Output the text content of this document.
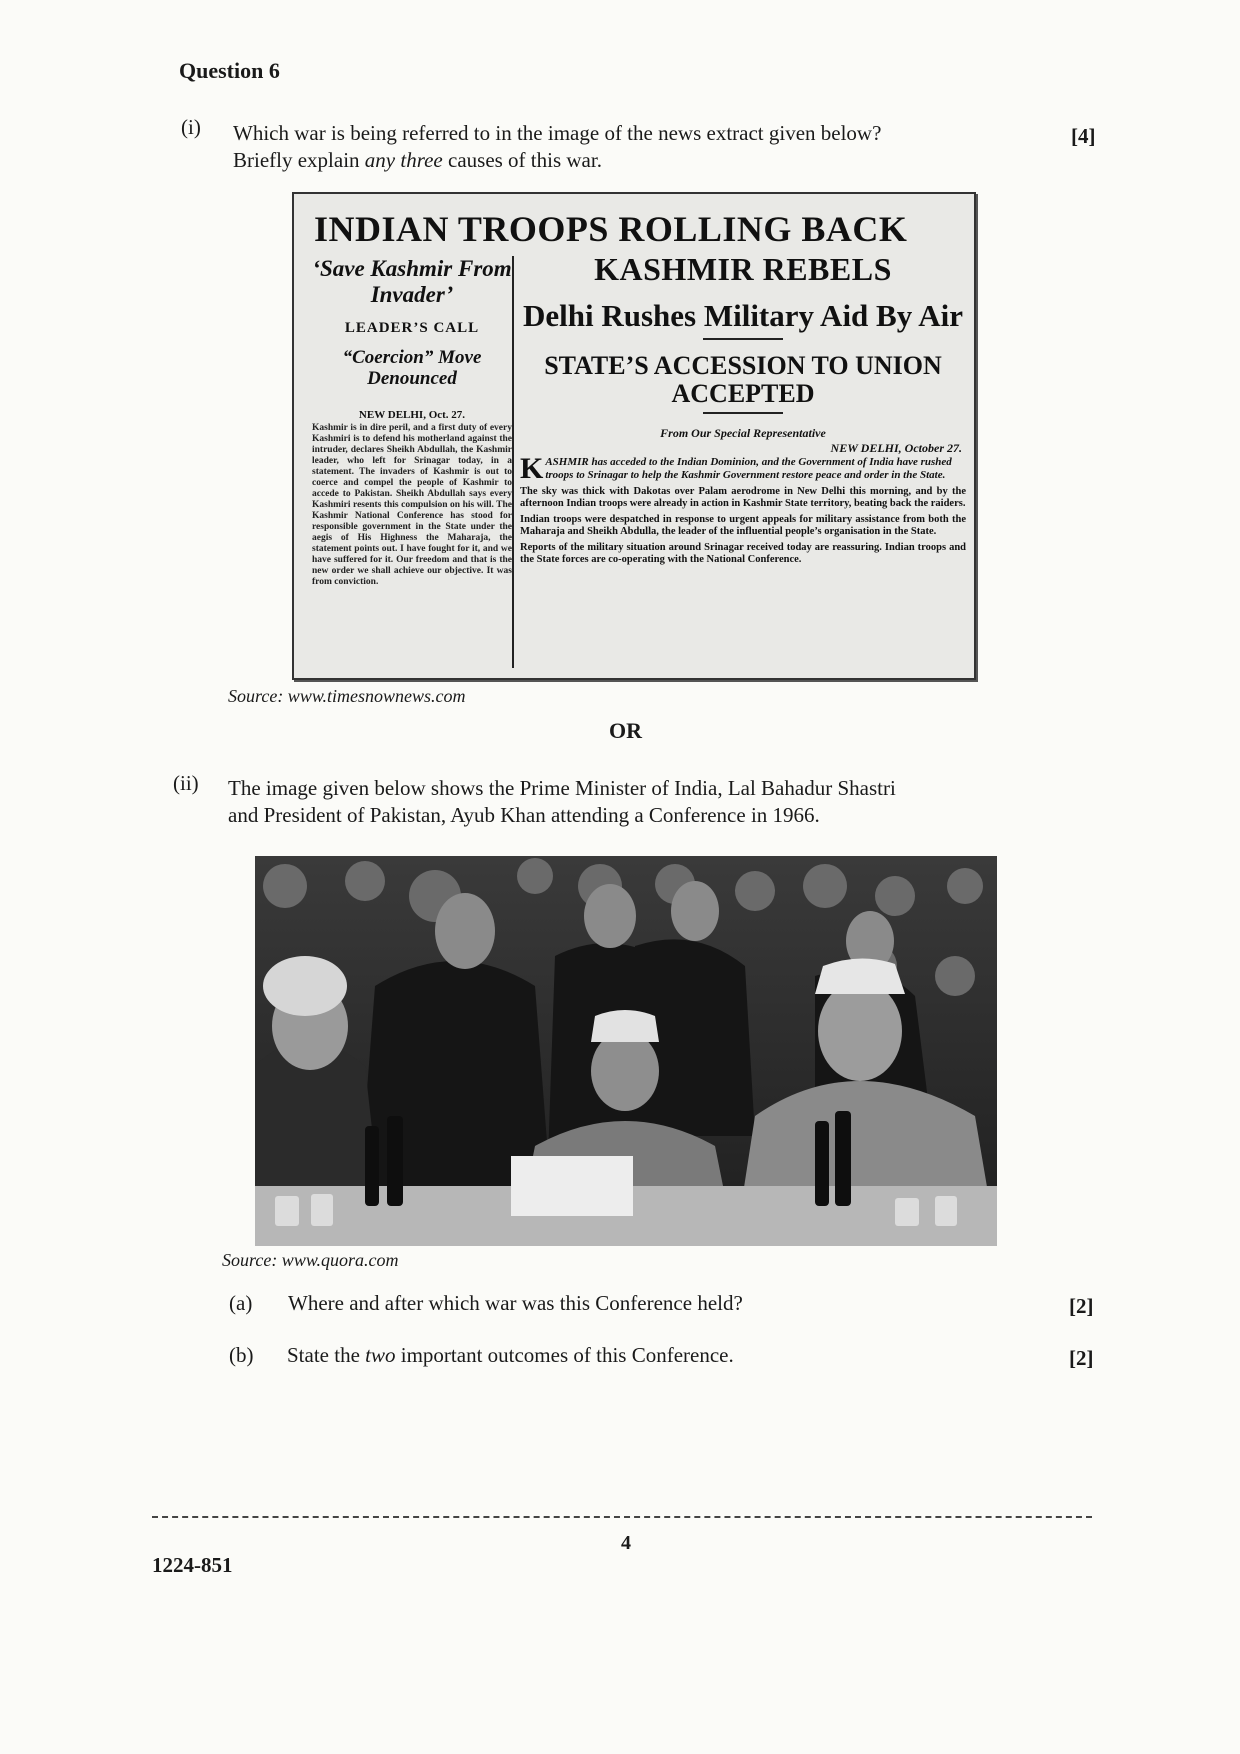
Question 6
(i) Which war is being referred to in the image of the news extract given below?
Briefly explain any three causes of this war.
[4]
INDIAN TROOPS ROLLING BACK
‘Save Kashmir From Invader’
LEADER’S CALL
“Coercion” Move Denounced
NEW DELHI, Oct. 27.
Kashmir is in dire peril, and a first duty of every Kashmiri is to defend his motherland against the intruder, declares Sheikh Abdullah, the Kashmir leader, who left for Srinagar today, in a statement. The invaders of Kashmir is out to coerce and compel the people of Kashmir to accede to Pakistan. Sheikh Abdullah says every Kashmiri resents this compulsion on his will. The Kashmir National Conference has stood for responsible government in the State under the aegis of His Highness the Maharaja, the statement points out. I have fought for it, and we have suffered for it. Our freedom and that is the new order we shall achieve our objective. It was from conviction.
KASHMIR REBELS
Delhi Rushes Military Aid By Air
STATE’S ACCESSION TO UNION ACCEPTED
From Our Special Representative
NEW DELHI, October 27.
KASHMIR has acceded to the Indian Dominion, and the Government of India have rushed troops to Srinagar to help the Kashmir Government restore peace and order in the State.
The sky was thick with Dakotas over Palam aerodrome in New Delhi this morning, and by the afternoon Indian troops were already in action in Kashmir State territory, beating back the raiders.
Indian troops were despatched in response to urgent appeals for military assistance from both the Maharaja and Sheikh Abdulla, the leader of the influential people’s organisation in the State.
Reports of the military situation around Srinagar received today are reassuring. Indian troops and the State forces are co-operating with the National Conference.
Source: www.timesnownews.com
OR
(ii) The image given below shows the Prime Minister of India, Lal Bahadur Shastri
and President of Pakistan, Ayub Khan attending a Conference in 1966.
Source: www.quora.com
(a) Where and after which war was this Conference held?	[2]
(b) State the two important outcomes of this Conference.	[2]
4
1224-851
